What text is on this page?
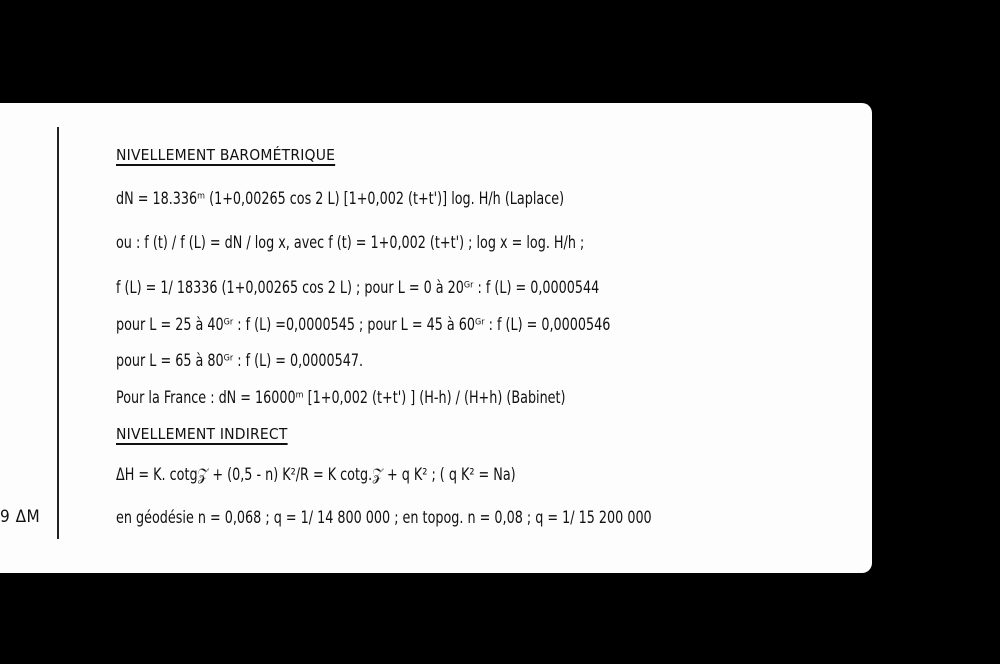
9 ΔM
NIVELLEMENT BAROMÉTRIQUE
dN = 18.336ᵐ (1+0,00265 cos 2 L) [1+0,002 (t+t')] log. H/h (Laplace)
ou : f (t) / f (L) = dN / log x, avec f (t) = 1+0,002 (t+t') ; log x = log. H/h ;
f (L) = 1/ 18336 (1+0,00265 cos 2 L) ; pour L = 0 à 20ᴳʳ : f (L) = 0,0000544
pour L = 25 à 40ᴳʳ : f (L) =0,0000545 ; pour L = 45 à 60ᴳʳ : f (L) = 0,0000546
pour L = 65 à 80ᴳʳ : f (L) = 0,0000547.
Pour la France : dN = 16000ᵐ [1+0,002 (t+t') ] (H-h) / (H+h) (Babinet)
NIVELLEMENT INDIRECT
ΔH = K. cotg𝒵 + (0,5 - n) K²/R = K cotg.𝒵 + q K² ; ( q K² = Na)
en géodésie n = 0,068 ; q = 1/ 14 800 000 ; en topog. n = 0,08 ; q = 1/ 15 200 000
